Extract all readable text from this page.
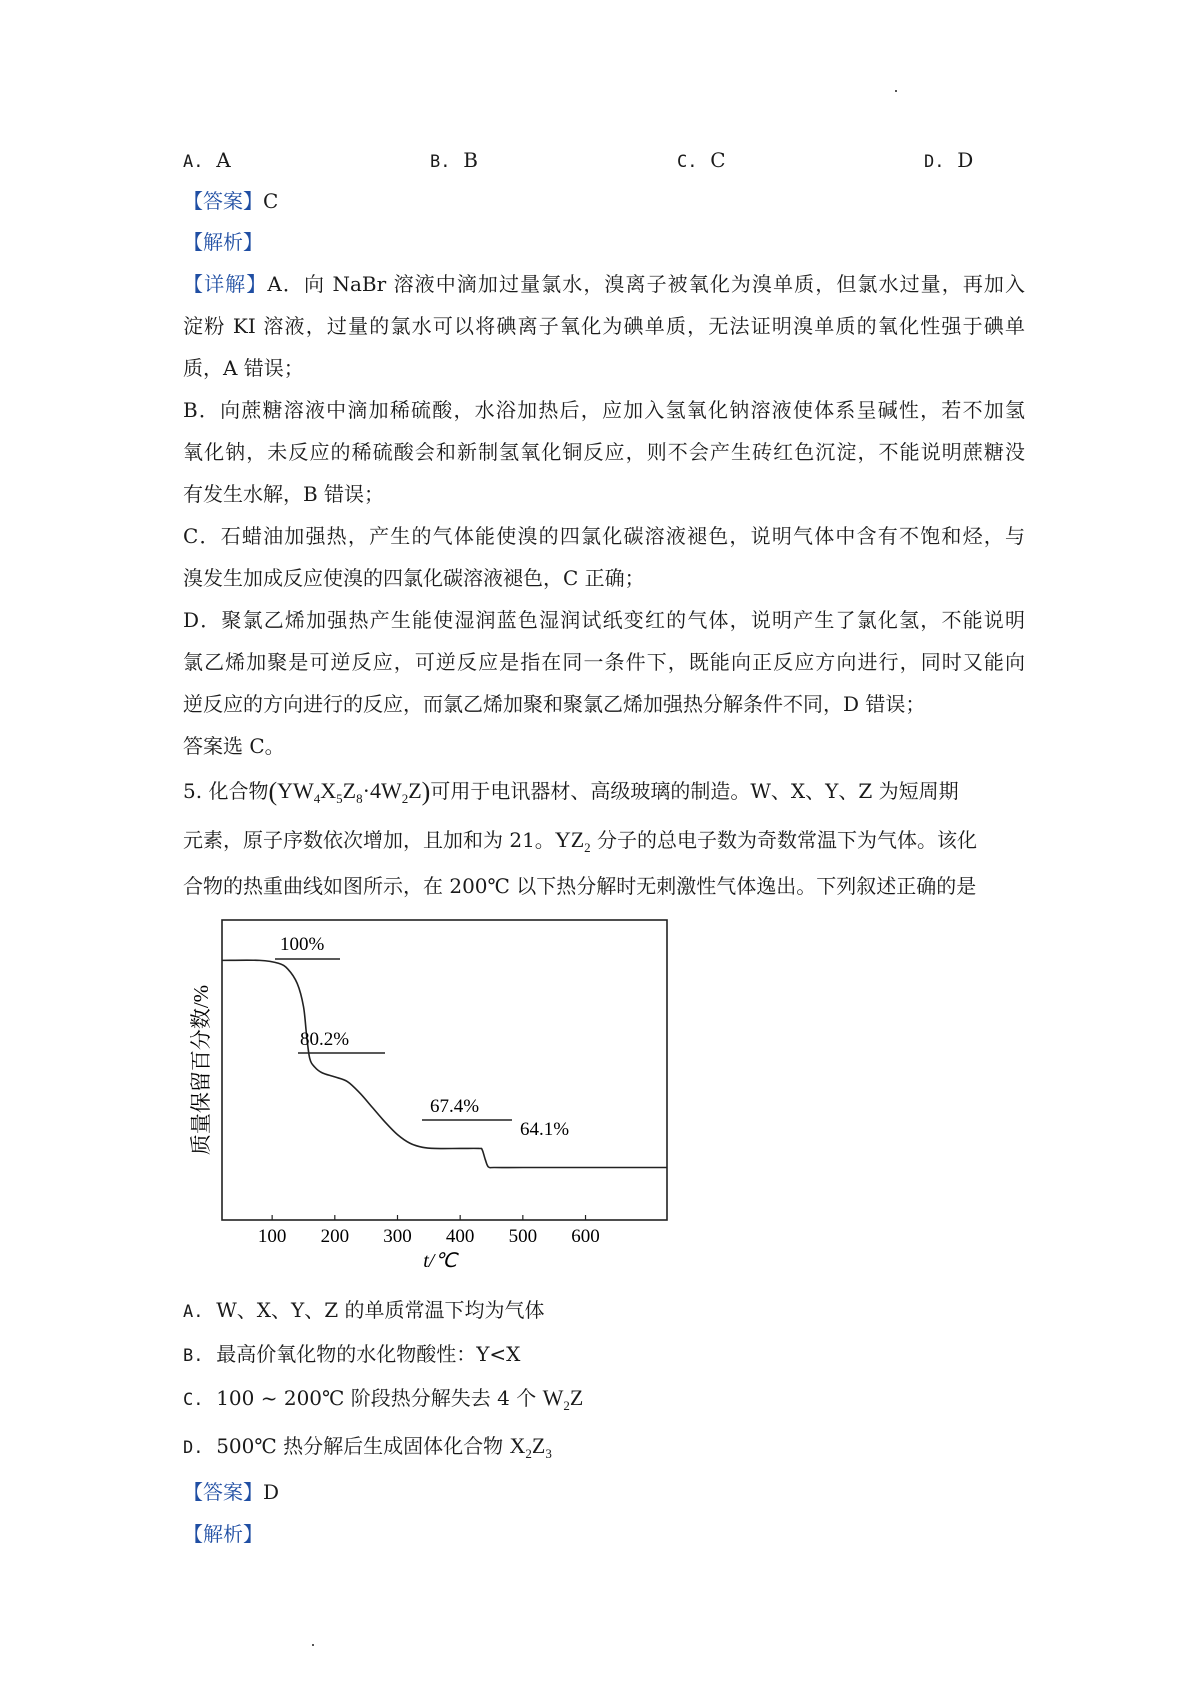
A. A	B. B	C. C	D. D
【答案】C
【解析】
【详解】A．向 NaBr 溶液中滴加过量氯水，溴离子被氧化为溴单质，但氯水过量，再加入
淀粉 KI 溶液，过量的氯水可以将碘离子氧化为碘单质，无法证明溴单质的氧化性强于碘单
质，A 错误；
B．向蔗糖溶液中滴加稀硫酸，水浴加热后，应加入氢氧化钠溶液使体系呈碱性，若不加氢
氧化钠，未反应的稀硫酸会和新制氢氧化铜反应，则不会产生砖红色沉淀，不能说明蔗糖没
有发生水解，B 错误；
C．石蜡油加强热，产生的气体能使溴的四氯化碳溶液褪色，说明气体中含有不饱和烃，与
溴发生加成反应使溴的四氯化碳溶液褪色，C 正确；
D．聚氯乙烯加强热产生能使湿润蓝色湿润试纸变红的气体，说明产生了氯化氢，不能说明
氯乙烯加聚是可逆反应，可逆反应是指在同一条件下，既能向正反应方向进行，同时又能向
逆反应的方向进行的反应，而氯乙烯加聚和聚氯乙烯加强热分解条件不同，D 错误；
答案选 C。
5. 化合物$(YW_4X_5Z_8\cdot 4W_2Z)$可用于电讯器材、高级玻璃的制造。W、X、Y、Z 为短周期
元素，原子序数依次增加，且加和为 21。$YZ_2$ 分子的总电子数为奇数常温下为气体。该化
合物的热重曲线如图所示，在 200℃ 以下热分解时无刺激性气体逸出。下列叙述正确的是
质量保留百分数/%
100 200 300 400 500 600
t/℃
100%
80.2%
67.4%
64.1%
A. W、X、Y、Z 的单质常温下均为气体
B. 最高价氧化物的水化物酸性：Y<X
C. 100 ~ 200℃ 阶段热分解失去 4 个 $W_2Z$
D. 500℃ 热分解后生成固体化合物 $X_2Z_3$
【答案】D
【解析】
